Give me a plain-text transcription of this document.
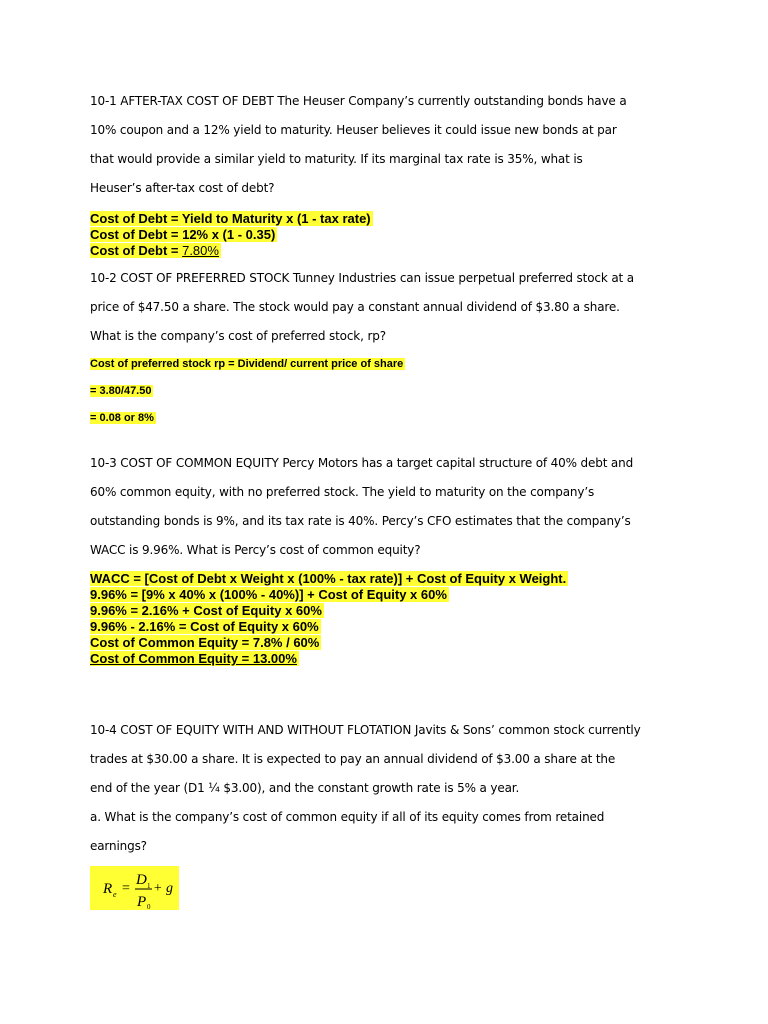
10-1 AFTER-TAX COST OF DEBT The Heuser Company’s currently outstanding bonds have a
10% coupon and a 12% yield to maturity. Heuser believes it could issue new bonds at par
that would provide a similar yield to maturity. If its marginal tax rate is 35%, what is
Heuser’s after-tax cost of debt?
Cost of Debt = Yield to Maturity x (1 - tax rate)
Cost of Debt = 12% x (1 - 0.35)
Cost of Debt = 7.80%
10-2 COST OF PREFERRED STOCK Tunney Industries can issue perpetual preferred stock at a
price of $47.50 a share. The stock would pay a constant annual dividend of $3.80 a share.
What is the company’s cost of preferred stock, rp?
Cost of preferred stock rp = Dividend/ current price of share
= 3.80/47.50
= 0.08 or 8%
10-3 COST OF COMMON EQUITY Percy Motors has a target capital structure of 40% debt and
60% common equity, with no preferred stock. The yield to maturity on the company’s
outstanding bonds is 9%, and its tax rate is 40%. Percy’s CFO estimates that the company’s
WACC is 9.96%. What is Percy’s cost of common equity?
WACC = [Cost of Debt x Weight x (100% - tax rate)] + Cost of Equity x Weight.
9.96% = [9% x 40% x (100% - 40%)] + Cost of Equity x 60%
9.96% = 2.16% + Cost of Equity x 60%
9.96% - 2.16% = Cost of Equity x 60%
Cost of Common Equity = 7.8% / 60%
Cost of Common Equity = 13.00%
10-4 COST OF EQUITY WITH AND WITHOUT FLOTATION Javits & Sons’ common stock currently
trades at $30.00 a share. It is expected to pay an annual dividend of $3.00 a share at the
end of the year (D1 ¼ $3.00), and the constant growth rate is 5% a year.
a. What is the company’s cost of common equity if all of its equity comes from retained
earnings?
R e =
D 1
P 0
+ g
